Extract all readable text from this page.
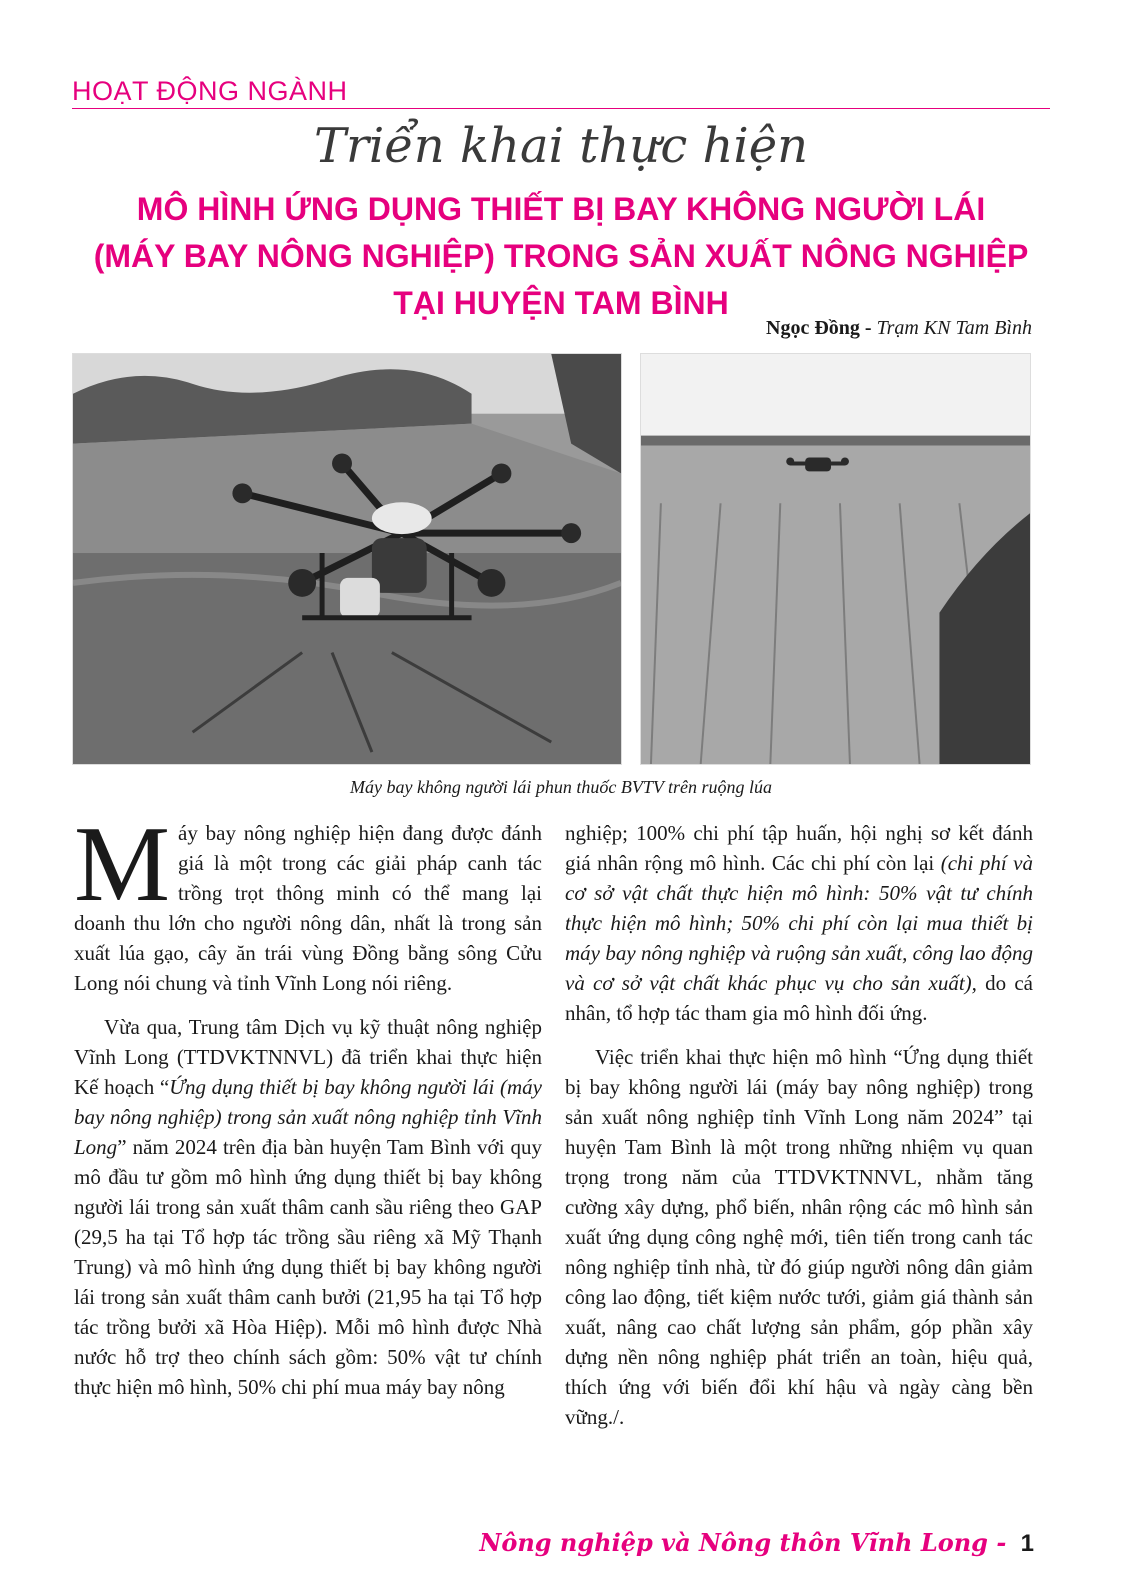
HOẠT ĐỘNG NGÀNH
Triển khai thực hiện
MÔ HÌNH ỨNG DỤNG THIẾT BỊ BAY KHÔNG NGƯỜI LÁI
(MÁY BAY NÔNG NGHIỆP) TRONG SẢN XUẤT NÔNG NGHIỆP
TẠI HUYỆN TAM BÌNH
Ngọc Đồng - Trạm KN Tam Bình
Máy bay không người lái phun thuốc BVTV trên ruộng lúa

Máy bay nông nghiệp hiện đang được đánh giá là một trong các giải pháp canh tác trồng trọt thông minh có thể mang lại doanh thu lớn cho người nông dân, nhất là trong sản xuất lúa gạo, cây ăn trái vùng Đồng bằng sông Cửu Long nói chung và tỉnh Vĩnh Long nói riêng.

Vừa qua, Trung tâm Dịch vụ kỹ thuật nông nghiệp Vĩnh Long (TTDVKTNNVL) đã triển khai thực hiện Kế hoạch “Ứng dụng thiết bị bay không người lái (máy bay nông nghiệp) trong sản xuất nông nghiệp tỉnh Vĩnh Long” năm 2024 trên địa bàn huyện Tam Bình với quy mô đầu tư gồm mô hình ứng dụng thiết bị bay không người lái trong sản xuất thâm canh sầu riêng theo GAP (29,5 ha tại Tổ hợp tác trồng sầu riêng xã Mỹ Thạnh Trung) và mô hình ứng dụng thiết bị bay không người lái trong sản xuất thâm canh bưởi (21,95 ha tại Tổ hợp tác trồng bưởi xã Hòa Hiệp). Mỗi mô hình được Nhà nước hỗ trợ theo chính sách gồm: 50% vật tư chính thực hiện mô hình, 50% chi phí mua máy bay nông

nghiệp; 100% chi phí tập huấn, hội nghị sơ kết đánh giá nhân rộng mô hình. Các chi phí còn lại (chi phí và cơ sở vật chất thực hiện mô hình: 50% vật tư chính thực hiện mô hình; 50% chi phí còn lại mua thiết bị máy bay nông nghiệp và ruộng sản xuất, công lao động và cơ sở vật chất khác phục vụ cho sản xuất), do cá nhân, tổ hợp tác tham gia mô hình đối ứng.

Việc triển khai thực hiện mô hình “Ứng dụng thiết bị bay không người lái (máy bay nông nghiệp) trong sản xuất nông nghiệp tỉnh Vĩnh Long năm 2024” tại huyện Tam Bình là một trong những nhiệm vụ quan trọng trong năm của TTDVKTNNVL, nhằm tăng cường xây dựng, phổ biến, nhân rộng các mô hình sản xuất ứng dụng công nghệ mới, tiên tiến trong canh tác nông nghiệp tỉnh nhà, từ đó giúp người nông dân giảm công lao động, tiết kiệm nước tưới, giảm giá thành sản xuất, nâng cao chất lượng sản phẩm, góp phần xây dựng nền nông nghiệp phát triển an toàn, hiệu quả, thích ứng với biến đổi khí hậu và ngày càng bền vững./.

Nông nghiệp và Nông thôn Vĩnh Long - 1
